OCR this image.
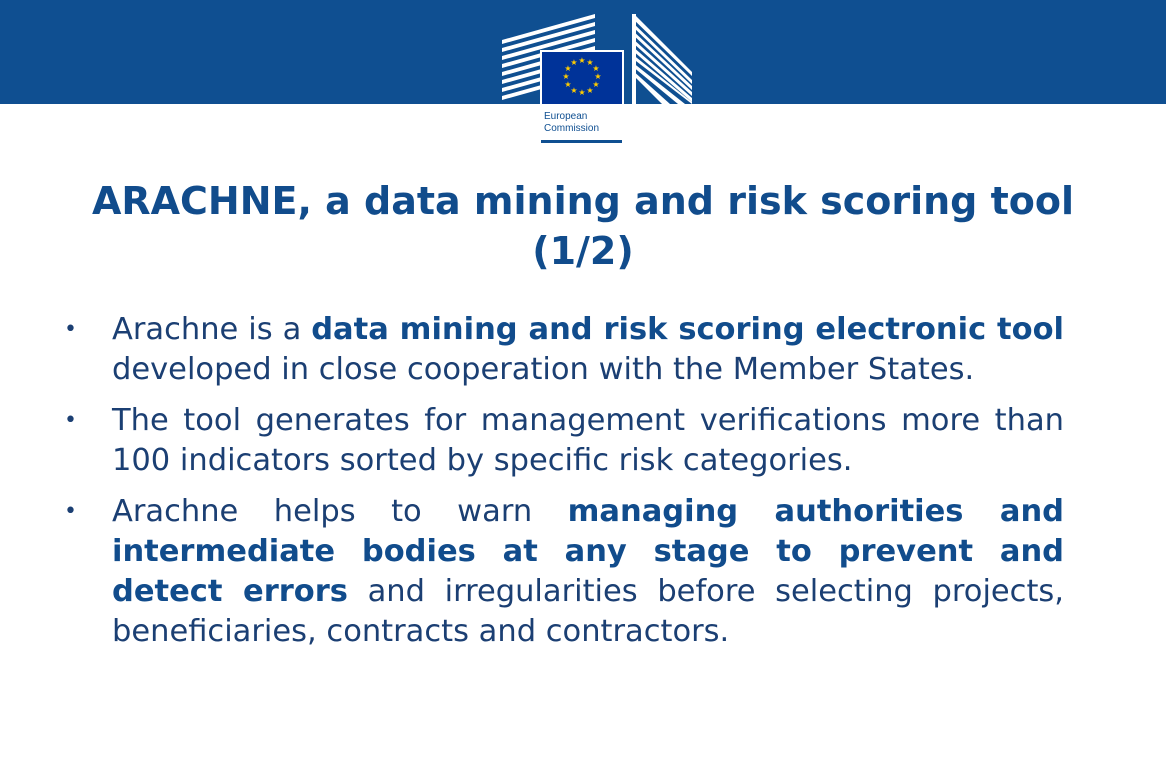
★ ★
★
★
★
★
★
★
★
★
★
★
European
Commission
ARACHNE, a data mining and risk scoring tool
(1/2)
• Arachne is a data mining and risk scoring electronic tool developed in close cooperation with the Member States.
• The tool generates for management verifications more than 100 indicators sorted by specific risk categories.
• Arachne helps to warn managing authorities and intermediate bodies at any stage to prevent and detect errors and irregularities before selecting projects, beneficiaries, contracts and contractors.
